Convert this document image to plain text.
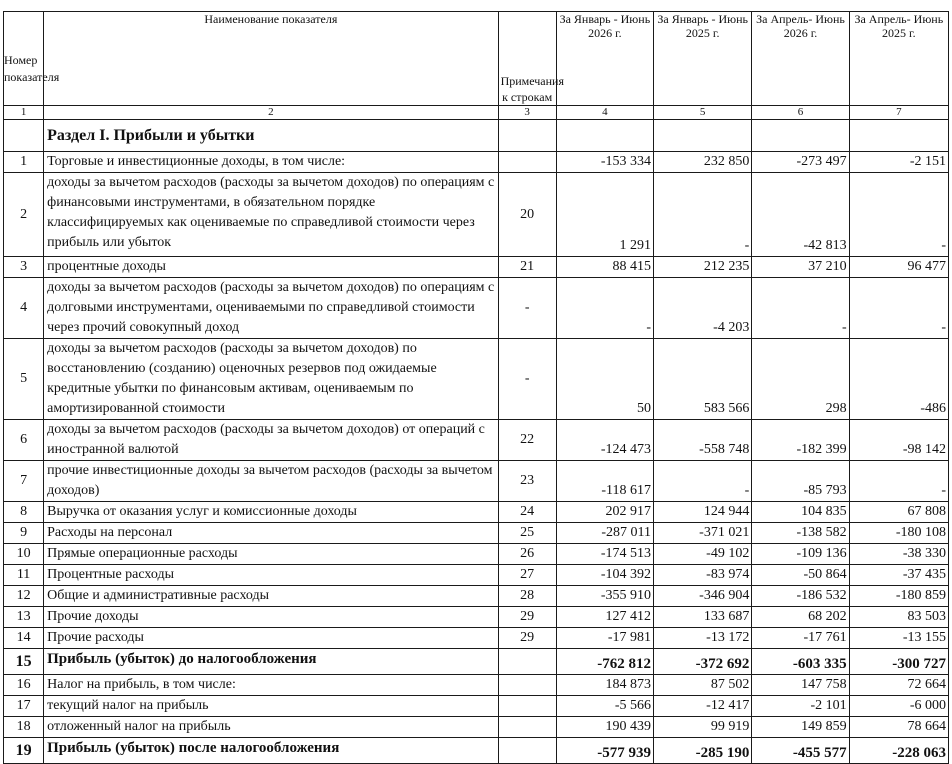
Номер показателя	Наименование показателя	Примечания к строкам	За Январь - Июнь 2026 г.	За Январь - Июнь 2025 г.	За Апрель- Июнь 2026 г.	За Апрель- Июнь 2025 г.
1	2	3	4	5	6	7
	Раздел I. Прибыли и убытки					
1	Торговые и инвестиционные доходы, в том числе:		-153 334	232 850	-273 497	-2 151
2	доходы за вычетом расходов (расходы за вычетом доходов) по операциям с финансовыми инструментами, в обязательном порядке классифицируемых как оцениваемые по справедливой стоимости через прибыль или убыток	20	1 291	-	-42 813	-
3	процентные доходы	21	88 415	212 235	37 210	96 477
4	доходы за вычетом расходов (расходы за вычетом доходов) по операциям с долговыми инструментами, оцениваемыми по справедливой стоимости через прочий совокупный доход	-	-	-4 203	-	-
5	доходы за вычетом расходов (расходы за вычетом доходов) по восстановлению (созданию) оценочных резервов под ожидаемые кредитные убытки по финансовым активам, оцениваемым по амортизированной стоимости	-	50	583 566	298	-486
6	доходы за вычетом расходов (расходы за вычетом доходов) от операций с иностранной валютой	22	-124 473	-558 748	-182 399	-98 142
7	прочие инвестиционные доходы за вычетом расходов (расходы за вычетом доходов)	23	-118 617	-	-85 793	-
8	Выручка от оказания услуг и комиссионные доходы	24	202 917	124 944	104 835	67 808
9	Расходы на персонал	25	-287 011	-371 021	-138 582	-180 108
10	Прямые операционные расходы	26	-174 513	-49 102	-109 136	-38 330
11	Процентные расходы	27	-104 392	-83 974	-50 864	-37 435
12	Общие и административные расходы	28	-355 910	-346 904	-186 532	-180 859
13	Прочие доходы	29	127 412	133 687	68 202	83 503
14	Прочие расходы	29	-17 981	-13 172	-17 761	-13 155
15	Прибыль (убыток) до налогообложения		-762 812	-372 692	-603 335	-300 727
16	Налог на прибыль, в том числе:		184 873	87 502	147 758	72 664
17	текущий налог на прибыль		-5 566	-12 417	-2 101	-6 000
18	отложенный налог на прибыль		190 439	99 919	149 859	78 664
19	Прибыль (убыток) после налогообложения		-577 939	-285 190	-455 577	-228 063
